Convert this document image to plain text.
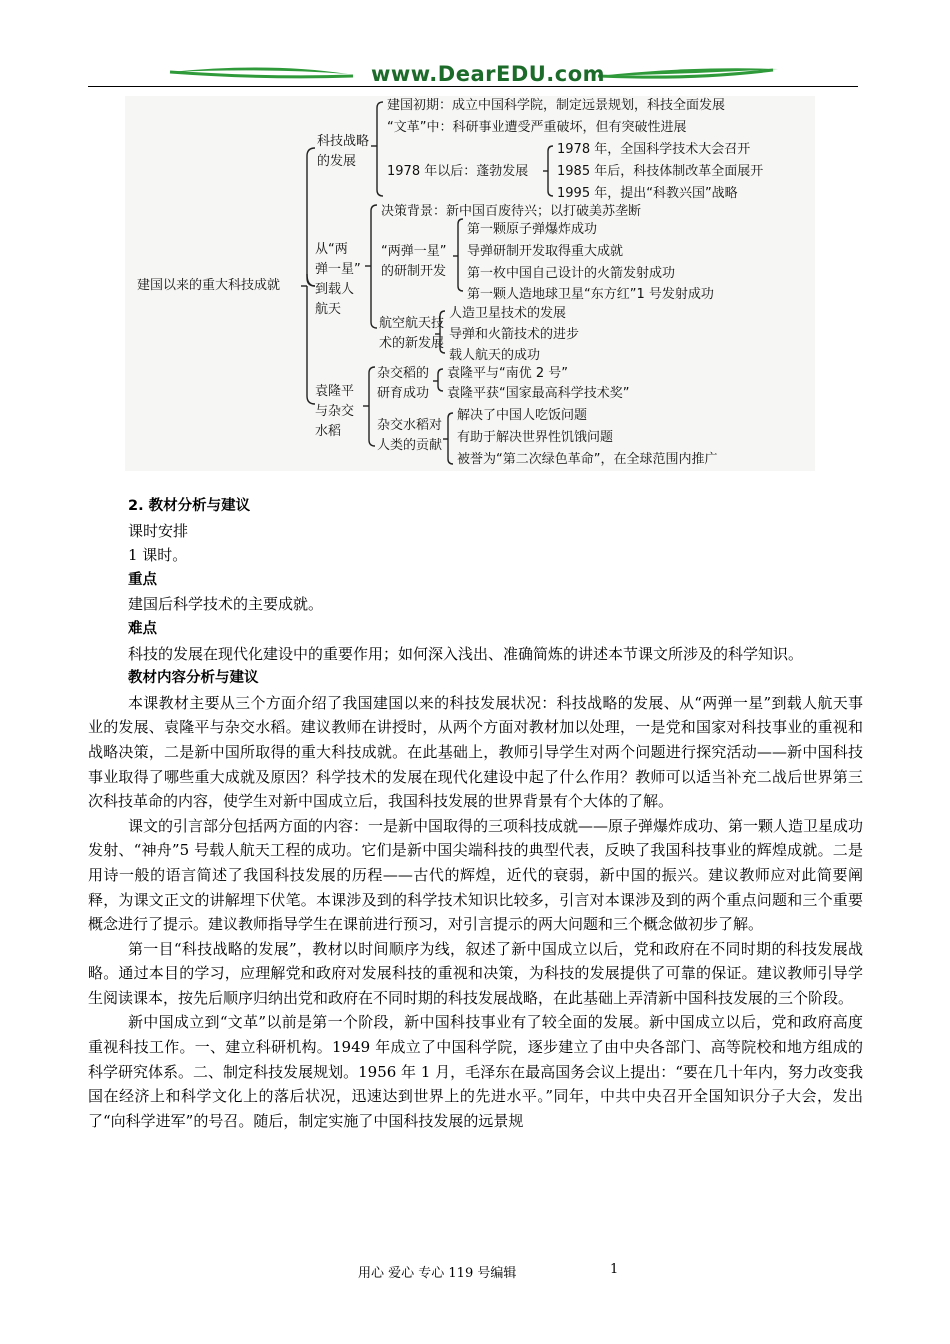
www.DearEDU.com
建国以来的重大科技成就
科技战略
的发展
建国初期：成立中国科学院，制定远景规划，科技全面发展
“文革”中：科研事业遭受严重破坏，但有突破性进展
1978 年以后：蓬勃发展
1978 年，全国科学技术大会召开
1985 年后，科技体制改革全面展开
1995 年，提出“科教兴国”战略
从“两
弹一星”
到载人
航天
决策背景：新中国百废待兴；以打破美苏垄断
“两弹一星”
的研制开发
第一颗原子弹爆炸成功
导弹研制开发取得重大成就
第一枚中国自己设计的火箭发射成功
第一颗人造地球卫星“东方红”1 号发射成功
航空航天技
术的新发展
人造卫星技术的发展
导弹和火箭技术的进步
载人航天的成功
袁隆平
与杂交
水稻
杂交稻的
研育成功
袁隆平与“南优 2 号”
袁隆平获“国家最高科学技术奖”
杂交水稻对
人类的贡献
解决了中国人吃饭问题
有助于解决世界性饥饿问题
被誉为“第二次绿色革命”，在全球范围内推广

2. 教材分析与建议

课时安排

1 课时。

重点

建国后科学技术的主要成就。

难点

科技的发展在现代化建设中的重要作用；如何深入浅出、准确简炼的讲述本节课文所涉及的科学知识。

教材内容分析与建议

本课教材主要从三个方面介绍了我国建国以来的科技发展状况：科技战略的发展、从“两弹一星”到载人航天事业的发展、袁隆平与杂交水稻。建议教师在讲授时，从两个方面对教材加以处理，一是党和国家对科技事业的重视和战略决策，二是新中国所取得的重大科技成就。在此基础上，教师引导学生对两个问题进行探究活动——新中国科技事业取得了哪些重大成就及原因？科学技术的发展在现代化建设中起了什么作用？教师可以适当补充二战后世界第三次科技革命的内容，使学生对新中国成立后，我国科技发展的世界背景有个大体的了解。

课文的引言部分包括两方面的内容：一是新中国取得的三项科技成就——原子弹爆炸成功、第一颗人造卫星成功发射、“神舟”5 号载人航天工程的成功。它们是新中国尖端科技的典型代表，反映了我国科技事业的辉煌成就。二是用诗一般的语言简述了我国科技发展的历程——古代的辉煌，近代的衰弱，新中国的振兴。建议教师应对此简要阐释，为课文正文的讲解埋下伏笔。本课涉及到的科学技术知识比较多，引言对本课涉及到的两个重点问题和三个重要概念进行了提示。建议教师指导学生在课前进行预习，对引言提示的两大问题和三个概念做初步了解。

第一目“科技战略的发展”，教材以时间顺序为线，叙述了新中国成立以后，党和政府在不同时期的科技发展战略。通过本目的学习，应理解党和政府对发展科技的重视和决策，为科技的发展提供了可靠的保证。建议教师引导学生阅读课本，按先后顺序归纳出党和政府在不同时期的科技发展战略，在此基础上弄清新中国科技发展的三个阶段。

新中国成立到“文革”以前是第一个阶段，新中国科技事业有了较全面的发展。新中国成立以后，党和政府高度重视科技工作。一、建立科研机构。1949 年成立了中国科学院，逐步建立了由中央各部门、高等院校和地方组成的科学研究体系。二、制定科技发展规划。1956 年 1 月，毛泽东在最高国务会议上提出：“要在几十年内，努力改变我国在经济上和科学文化上的落后状况，迅速达到世界上的先进水平。”同年，中共中央召开全国知识分子大会，发出了“向科学进军”的号召。随后，制定实施了中国科技发展的远景规

用心 爱心 专心 119 号编辑	1
